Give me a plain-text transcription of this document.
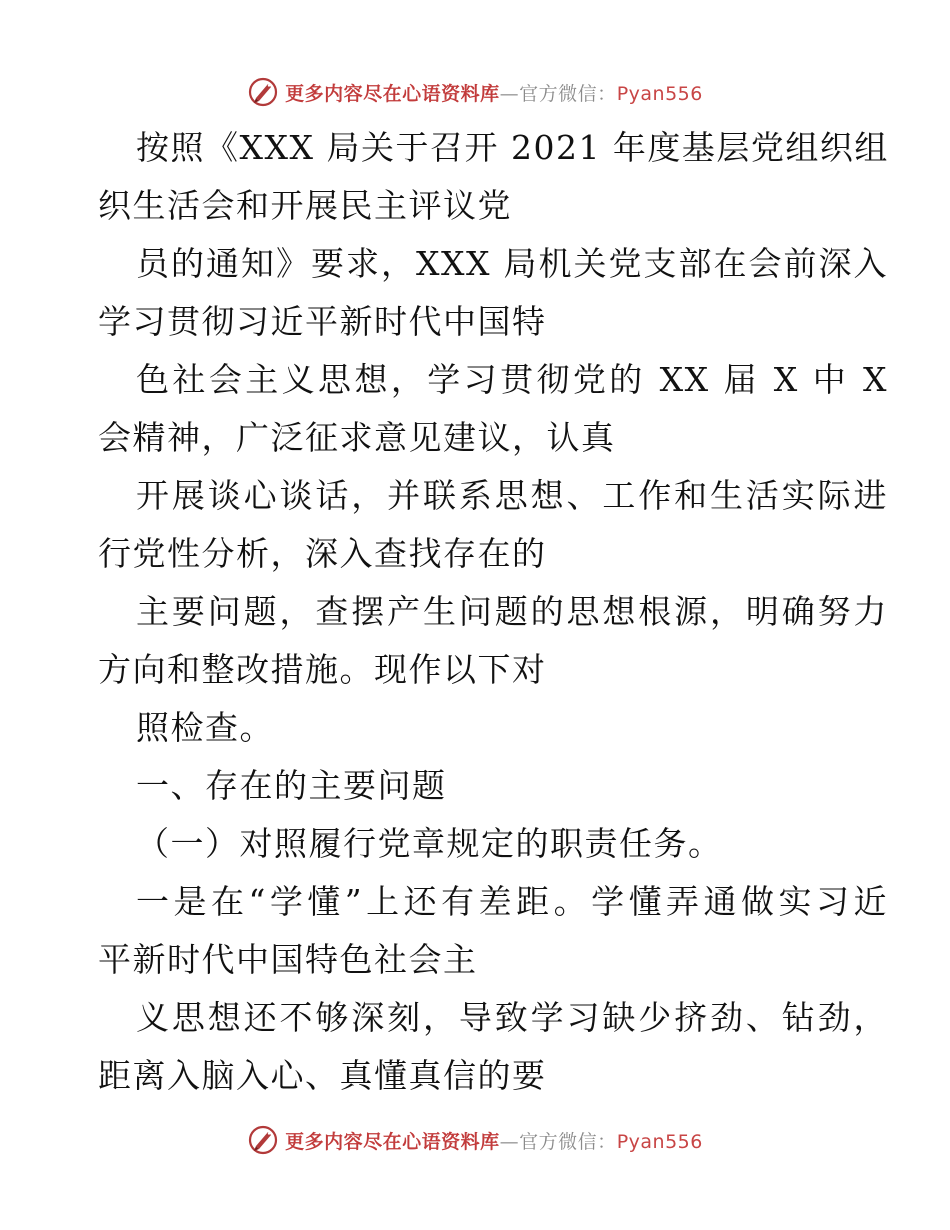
更多内容尽在心语资料库—官方微信：Pyan556
按照《XXX 局关于召开 2021 年度基层党组织组
织生活会和开展民主评议党
员的通知》要求，XXX 局机关党支部在会前深入
学习贯彻习近平新时代中国特
色社会主义思想，学习贯彻党的 XX 届 X 中 X
会精神，广泛征求意见建议，认真
开展谈心谈话，并联系思想、工作和生活实际进
行党性分析，深入查找存在的
主要问题，查摆产生问题的思想根源，明确努力
方向和整改措施。现作以下对
照检查。
一、存在的主要问题
（一）对照履行党章规定的职责任务。
一是在“学懂”上还有差距。学懂弄通做实习近
平新时代中国特色社会主
义思想还不够深刻，导致学习缺少挤劲、钻劲，
距离入脑入心、真懂真信的要
更多内容尽在心语资料库—官方微信：Pyan556
